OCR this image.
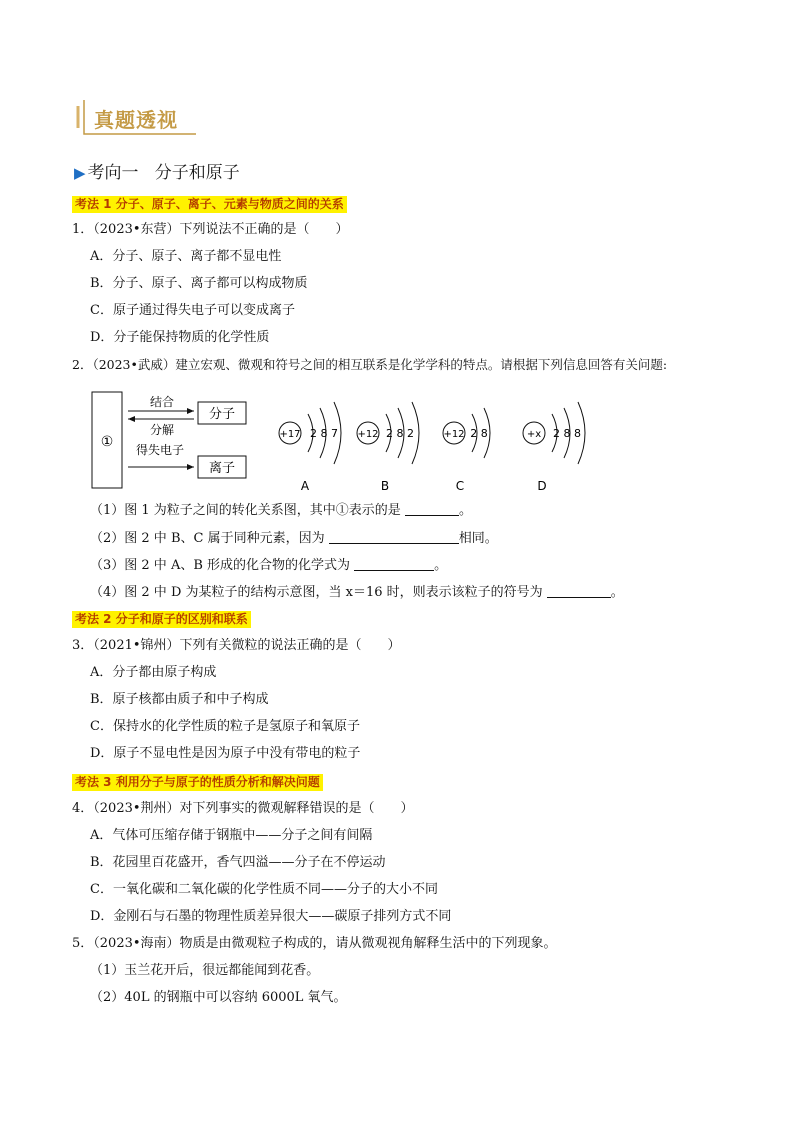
真题透视
▶ 考向一 分子和原子
考法 1 分子、原子、离子、元素与物质之间的关系
1．（2023•东营）下列说法不正确的是（　　）
A．分子、原子、离子都不显电性
B．分子、原子、离子都可以构成物质
C．原子通过得失电子可以变成离子
D．分子能保持物质的化学性质
2．（2023•武威）建立宏观、微观和符号之间的相互联系是化学学科的特点。请根据下列信息回答有关问题:
①
分子
离子
结合
分解
得失电子
+17 2 8 7
A
+12 2 8 2
B
+12 2 8
C
+x 2 8 8
D
（1）图 1 为粒子之间的转化关系图，其中①表示的是	。
（2）图 2 中 B、C 属于同种元素，因为	相同。
（3）图 2 中 A、B 形成的化合物的化学式为	。
（4）图 2 中 D 为某粒子的结构示意图，当 x＝16 时，则表示该粒子的符号为	。
考法 2 分子和原子的区别和联系
3．（2021•锦州）下列有关微粒的说法正确的是（　　）
A．分子都由原子构成
B．原子核都由质子和中子构成
C．保持水的化学性质的粒子是氢原子和氧原子
D．原子不显电性是因为原子中没有带电的粒子
考法 3 利用分子与原子的性质分析和解决问题
4．（2023•荆州）对下列事实的微观解释错误的是（　　）
A．气体可压缩存储于钢瓶中——分子之间有间隔
B．花园里百花盛开，香气四溢——分子在不停运动
C．一氧化碳和二氧化碳的化学性质不同——分子的大小不同
D．金刚石与石墨的物理性质差异很大——碳原子排列方式不同
5．（2023•海南）物质是由微观粒子构成的，请从微观视角解释生活中的下列现象。
（1）玉兰花开后，很远都能闻到花香。
（2）40L 的钢瓶中可以容纳 6000L 氧气。
